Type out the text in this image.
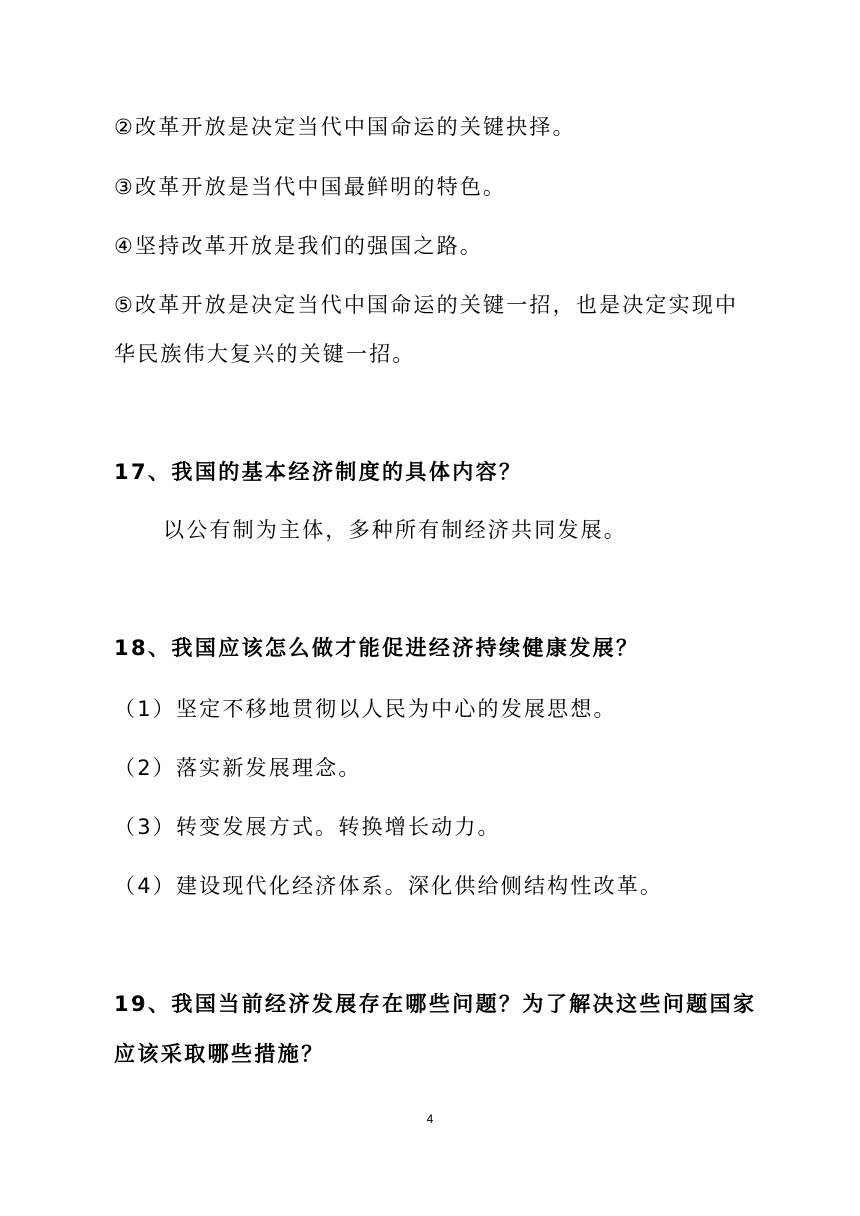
②改革开放是决定当代中国命运的关键抉择。
③改革开放是当代中国最鲜明的特色。
④坚持改革开放是我们的强国之路。
⑤改革开放是决定当代中国命运的关键一招，也是决定实现中
华民族伟大复兴的关键一招。
17、我国的基本经济制度的具体内容？
以公有制为主体，多种所有制经济共同发展。
18、我国应该怎么做才能促进经济持续健康发展？
（1）坚定不移地贯彻以人民为中心的发展思想。
（2）落实新发展理念。
（3）转变发展方式。转换增长动力。
（4）建设现代化经济体系。深化供给侧结构性改革。
19、我国当前经济发展存在哪些问题？为了解决这些问题国家
应该采取哪些措施？
4
